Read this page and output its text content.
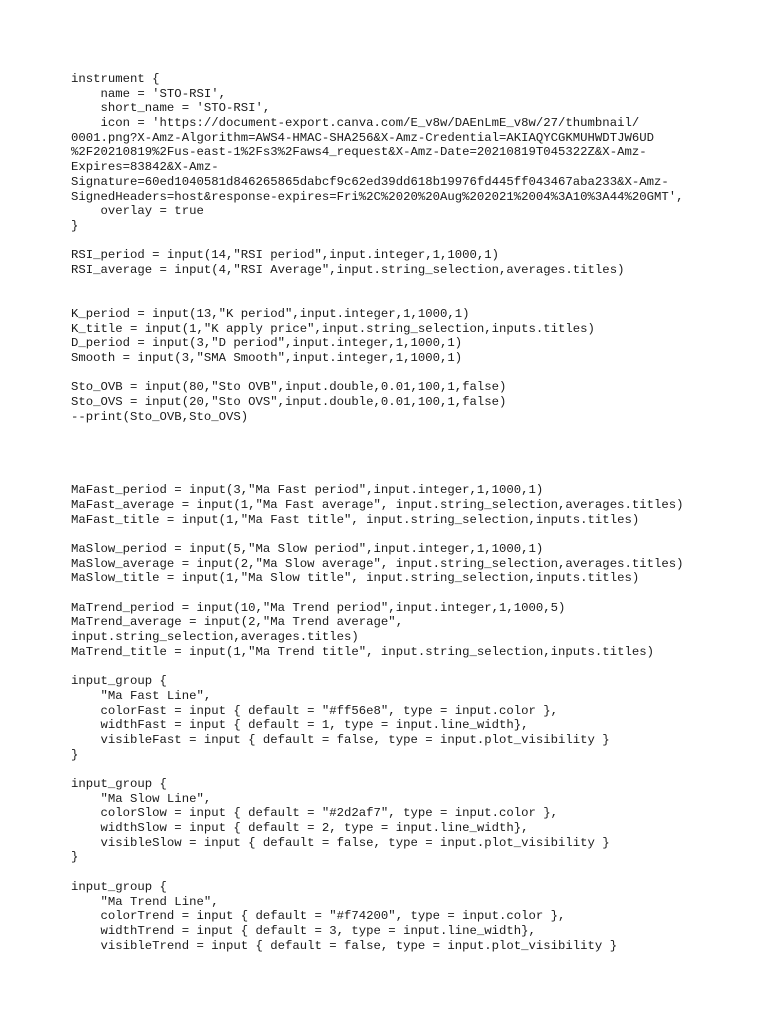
instrument {
name = 'STO-RSI',
short_name = 'STO-RSI',
icon = 'https://document-export.canva.com/E_v8w/DAEnLmE_v8w/27/thumbnail/
0001.png?X-Amz-Algorithm=AWS4-HMAC-SHA256&X-Amz-Credential=AKIAQYCGKMUHWDTJW6UD
%2F20210819%2Fus-east-1%2Fs3%2Faws4_request&X-Amz-Date=20210819T045322Z&X-Amz-
Expires=83842&X-Amz-
Signature=60ed1040581d846265865dabcf9c62ed39dd618b19976fd445ff043467aba233&X-Amz-
SignedHeaders=host&response-expires=Fri%2C%2020%20Aug%202021%2004%3A10%3A44%20GMT',
overlay = true
}
RSI_period = input(14,"RSI period",input.integer,1,1000,1)
RSI_average = input(4,"RSI Average",input.string_selection,averages.titles)
K_period = input(13,"K period",input.integer,1,1000,1)
K_title = input(1,"K apply price",input.string_selection,inputs.titles)
D_period = input(3,"D period",input.integer,1,1000,1)
Smooth = input(3,"SMA Smooth",input.integer,1,1000,1)
Sto_OVB = input(80,"Sto OVB",input.double,0.01,100,1,false)
Sto_OVS = input(20,"Sto OVS",input.double,0.01,100,1,false)
--print(Sto_OVB,Sto_OVS)
MaFast_period = input(3,"Ma Fast period",input.integer,1,1000,1)
MaFast_average = input(1,"Ma Fast average", input.string_selection,averages.titles)
MaFast_title = input(1,"Ma Fast title", input.string_selection,inputs.titles)
MaSlow_period = input(5,"Ma Slow period",input.integer,1,1000,1)
MaSlow_average = input(2,"Ma Slow average", input.string_selection,averages.titles)
MaSlow_title = input(1,"Ma Slow title", input.string_selection,inputs.titles)
MaTrend_period = input(10,"Ma Trend period",input.integer,1,1000,5)
MaTrend_average = input(2,"Ma Trend average",
input.string_selection,averages.titles)
MaTrend_title = input(1,"Ma Trend title", input.string_selection,inputs.titles)
input_group {
"Ma Fast Line",
colorFast = input { default = "#ff56e8", type = input.color },
widthFast = input { default = 1, type = input.line_width},
visibleFast = input { default = false, type = input.plot_visibility }
}
input_group {
"Ma Slow Line",
colorSlow = input { default = "#2d2af7", type = input.color },
widthSlow = input { default = 2, type = input.line_width},
visibleSlow = input { default = false, type = input.plot_visibility }
}
input_group {
"Ma Trend Line",
colorTrend = input { default = "#f74200", type = input.color },
widthTrend = input { default = 3, type = input.line_width},
visibleTrend = input { default = false, type = input.plot_visibility }
